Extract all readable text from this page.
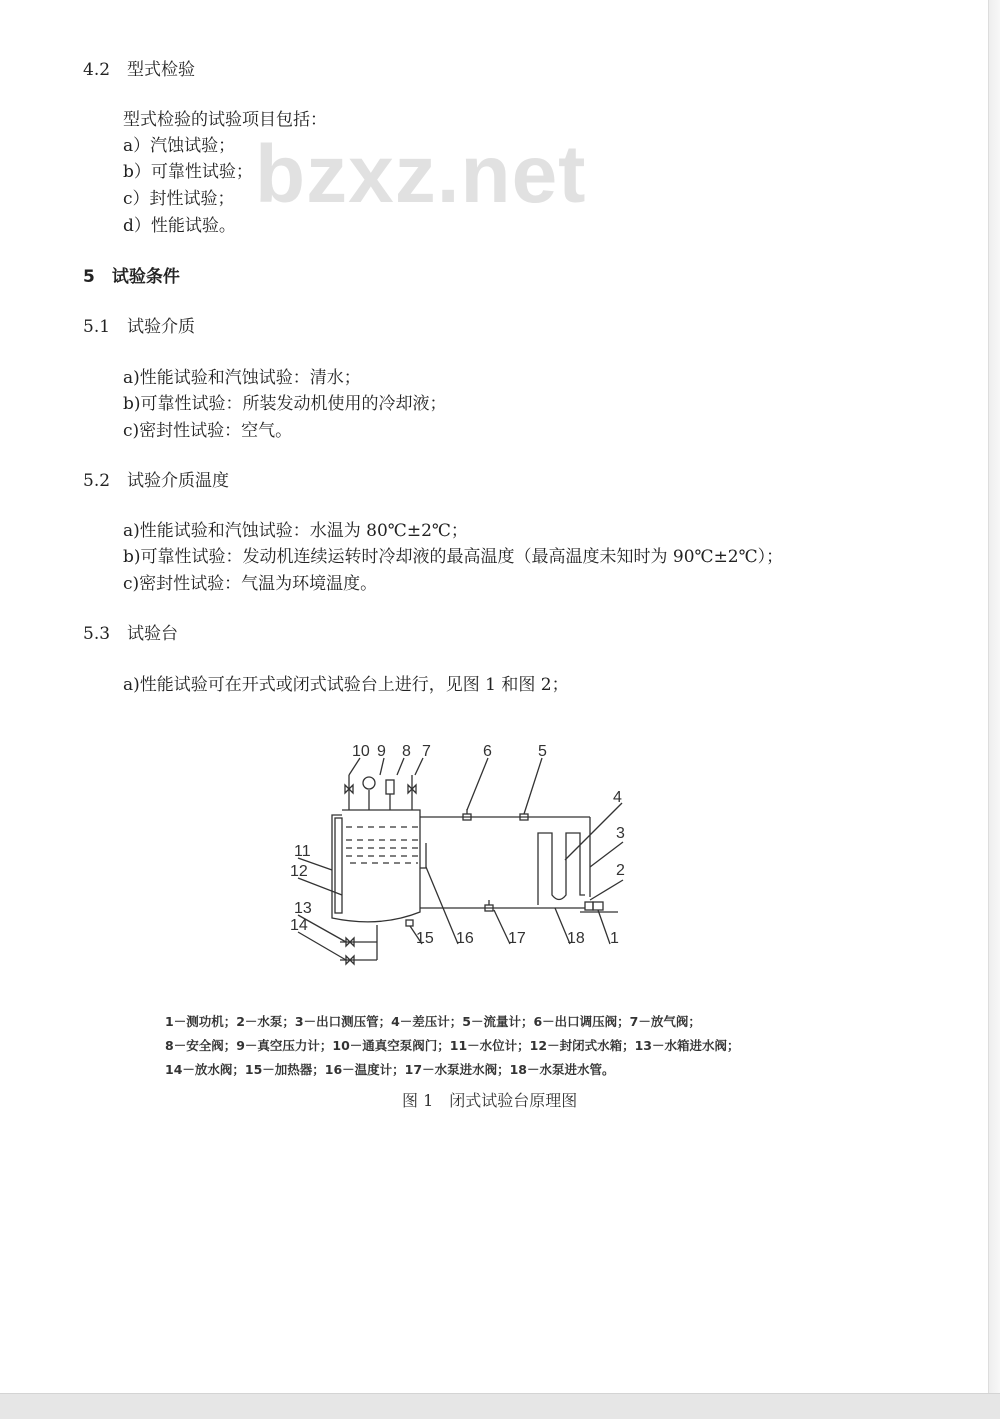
bzxz.net
4.2　型式检验
型式检验的试验项目包括：
a）汽蚀试验；
b）可靠性试验；
c）封性试验；
d）性能试验。
5　试验条件
5.1　试验介质
a)性能试验和汽蚀试验：清水；
b)可靠性试验：所装发动机使用的冷却液；
c)密封性试验：空气。
5.2　试验介质温度
a)性能试验和汽蚀试验：水温为 80℃±2℃；
b)可靠性试验：发动机连续运转时冷却液的最高温度（最高温度未知时为 90℃±2℃）；
c)密封性试验：气温为环境温度。
5.3　试验台
a)性能试验可在开式或闭式试验台上进行，见图 1 和图 2；
10 9 8 7	6	5
4
3
2
1
11
12
13
14
15 16 17	18
1－测功机；2－水泵；3－出口测压管；4－差压计；5－流量计；6－出口调压阀；7－放气阀；
8－安全阀；9－真空压力计；10－通真空泵阀门；11－水位计；12－封闭式水箱；13－水箱进水阀；
14－放水阀；15－加热器；16－温度计；17－水泵进水阀；18－水泵进水管。
图 1　闭式试验台原理图
